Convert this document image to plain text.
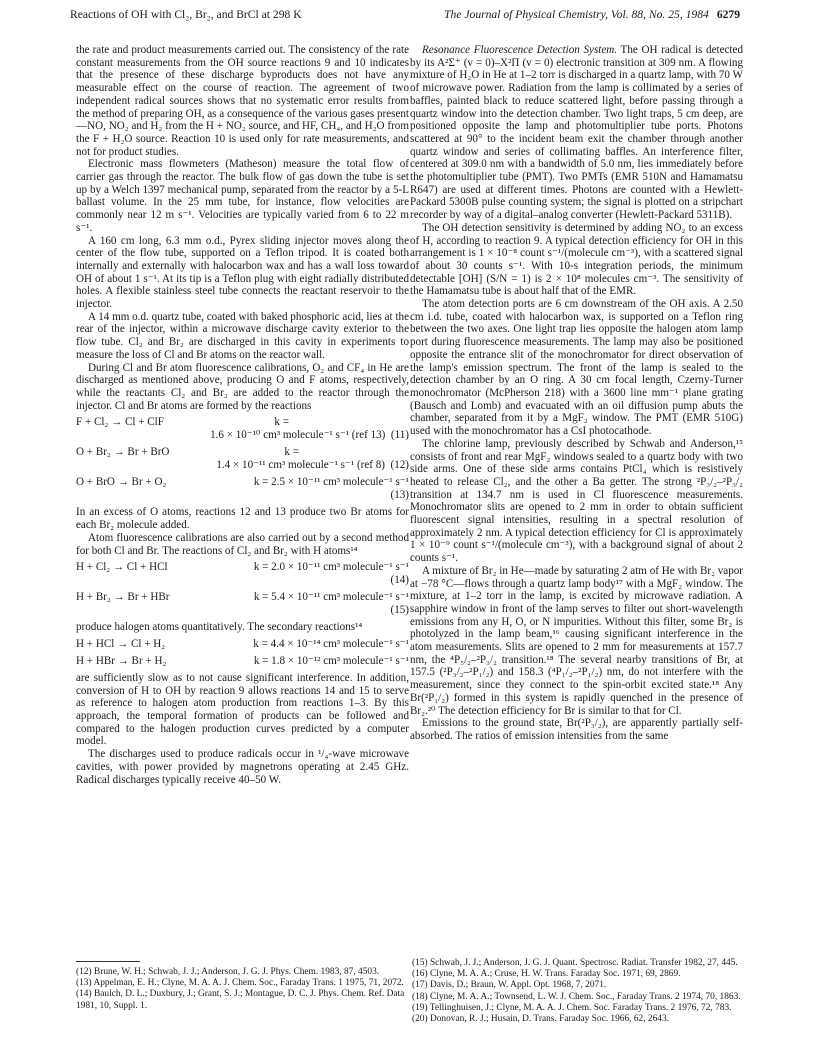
Reactions of OH with Cl₂, Br₂, and BrCl at 298 K	The Journal of Physical Chemistry, Vol. 88, No. 25, 1984 6279

the rate and product measurements carried out. The consistency of the rate constant measurements from the OH source reactions 9 and 10 indicates that the presence of these discharge byproducts does not have any measurable effect on the course of reaction. The agreement of two independent radical sources shows that no systematic error results from the method of preparing OH, as a consequence of the various gases present—NO, NO₂ and H₂ from the H + NO₂ source, and HF, CH₄, and H₂O from the F + H₂O source. Reaction 10 is used only for rate measurements, and not for product studies.

Electronic mass flowmeters (Matheson) measure the total flow of carrier gas through the reactor. The bulk flow of gas down the tube is set up by a Welch 1397 mechanical pump, separated from the reactor by a 5-L ballast volume. In the 25 mm tube, for instance, flow velocities are commonly near 12 m s⁻¹. Velocities are typically varied from 6 to 22 m s⁻¹.

A 160 cm long, 6.3 mm o.d., Pyrex sliding injector moves along the center of the flow tube, supported on a Teflon tripod. It is coated both internally and externally with halocarbon wax and has a wall loss toward OH of about 1 s⁻¹. At its tip is a Teflon plug with eight radially distributed holes. A flexible stainless steel tube connects the reactant reservoir to the injector.

A 14 mm o.d. quartz tube, coated with baked phosphoric acid, lies at the rear of the injector, within a microwave discharge cavity exterior to the flow tube. Cl₂ and Br₂ are discharged in this cavity in experiments to measure the loss of Cl and Br atoms on the reactor wall.

During Cl and Br atom fluorescence calibrations, O₂ and CF₄ in He are discharged as mentioned above, producing O and F atoms, respectively, while the reactants Cl₂ and Br₂ are added to the reactor through the injector. Cl and Br atoms are formed by the reactions

F + Cl₂ → Cl + ClF	k =
1.6 × 10⁻¹⁰ cm³ molecule⁻¹ s⁻¹ (ref 13)
(11)
O + Br₂ → Br + BrO	k =
1.4 × 10⁻¹¹ cm³ molecule⁻¹ s⁻¹ (ref 8)
(12)
O + BrO → Br + O₂	k = 2.5 × 10⁻¹¹ cm³ molecule⁻¹ s⁻¹
(13)

In an excess of O atoms, reactions 12 and 13 produce two Br atoms for each Br₂ molecule added.

Atom fluorescence calibrations are also carried out by a second method for both Cl and Br. The reactions of Cl₂ and Br₂ with H atoms¹⁴

H + Cl₂ → Cl + HCl	k = 2.0 × 10⁻¹¹ cm³ molecule⁻¹ s⁻¹
(14)
H + Br₂ → Br + HBr	k = 5.4 × 10⁻¹¹ cm³ molecule⁻¹ s⁻¹
(15)

produce halogen atoms quantitatively. The secondary reactions¹⁴

H + HCl → Cl + H₂	k = 4.4 × 10⁻¹⁴ cm³ molecule⁻¹ s⁻¹
H + HBr → Br + H₂	k = 1.8 × 10⁻¹² cm³ molecule⁻¹ s⁻¹

are sufficiently slow as to not cause significant interference. In addition, conversion of H to OH by reaction 9 allows reactions 14 and 15 to serve as reference to halogen atom production from reactions 1–3. By this approach, the temporal formation of products can be followed and compared to the halogen production curves predicted by a computer model.

The discharges used to produce radicals occur in ¹/₄-wave microwave cavities, with power provided by magnetrons operating at 2.45 GHz. Radical discharges typically receive 40–50 W.

Resonance Fluorescence Detection System. The OH radical is detected by its A²Σ⁺ (v = 0)–X²Π (v = 0) electronic transition at 309 nm. A flowing mixture of H₂O in He at 1–2 torr is discharged in a quartz lamp, with 70 W of microwave power. Radiation from the lamp is collimated by a series of baffles, painted black to reduce scattered light, before passing through a quartz window into the detection chamber. Two light traps, 5 cm deep, are positioned opposite the lamp and photomultiplier tube ports. Photons scattered at 90° to the incident beam exit the chamber through another quartz window and series of collimating baffles. An interference filter, centered at 309.0 nm with a bandwidth of 5.0 nm, lies immediately before the photomultiplier tube (PMT). Two PMTs (EMR 510N and Hamamatsu R647) are used at different times. Photons are counted with a Hewlett-Packard 5300B pulse counting system; the signal is plotted on a stripchart recorder by way of a digital–analog converter (Hewlett-Packard 5311B).

The OH detection sensitivity is determined by adding NO₂ to an excess of H, according to reaction 9. A typical detection efficiency for OH in this arrangement is 1 × 10⁻⁸ count s⁻¹/(molecule cm⁻³), with a scattered signal of about 30 counts s⁻¹. With 10-s integration periods, the minimum detectable [OH] (S/N = 1) is 2 × 10⁸ molecules cm⁻³. The sensitivity of the Hamamatsu tube is about half that of the EMR.

The atom detection ports are 6 cm downstream of the OH axis. A 2.50 cm i.d. tube, coated with halocarbon wax, is supported on a Teflon ring between the two axes. One light trap lies opposite the halogen atom lamp port during fluorescence measurements. The lamp may also be positioned opposite the entrance slit of the monochromator for direct observation of the lamp's emission spectrum. The front of the lamp is sealed to the detection chamber by an O ring. A 30 cm focal length, Czerny-Turner monochromator (McPherson 218) with a 3600 line mm⁻¹ plane grating (Bausch and Lomb) and evacuated with an oil diffusion pump abuts the chamber, separated from it by a MgF₂ window. The PMT (EMR 510G) used with the monochromator has a CsI photocathode.

The chlorine lamp, previously described by Schwab and Anderson,¹⁵ consists of front and rear MgF₂ windows sealed to a quartz body with two side arms. One of these side arms contains PtCl₄ which is resistively heated to release Cl₂, and the other a Ba getter. The strong ²P₃/₂–²P₃/₂ transition at 134.7 nm is used in Cl fluorescence measurements. Monochromator slits are opened to 2 mm in order to obtain sufficient fluorescent signal intensities, resulting in a spectral resolution of approximately 2 nm. A typical detection efficiency for Cl is approximately 1 × 10⁻⁹ count s⁻¹/(molecule cm⁻³), with a background signal of about 2 counts s⁻¹.

A mixture of Br₂ in He—made by saturating 2 atm of He with Br₂ vapor at −78 °C—flows through a quartz lamp body¹⁷ with a MgF₂ window. The mixture, at 1–2 torr in the lamp, is excited by microwave radiation. A sapphire window in front of the lamp serves to filter out short-wavelength emissions from any H, O, or N impurities. Without this filter, some Br₂ is photolyzed in the lamp beam,¹⁶ causing significant interference in the atom measurements. Slits are opened to 2 mm for measurements at 157.7 nm, the ⁴P₅/₂–²P₃/₂ transition.¹⁸ The several nearby transitions of Br, at 157.5 (²P₃/₂–²P₁/₂) and 158.3 (⁴P₁/₂–²P₁/₂) nm, do not interfere with the measurement, since they connect to the spin-orbit excited state.¹⁸ Any Br(²P₁/₂) formed in this system is rapidly quenched in the presence of Br₂.²⁰ The detection efficiency for Br is similar to that for Cl.

Emissions to the ground state, Br(²P₃/₂), are apparently partially self-absorbed. The ratios of emission intensities from the same

(12) Brune, W. H.; Schwab, J. J.; Anderson, J. G. J. Phys. Chem. 1983, 87, 4503.
(13) Appelman, E. H.; Clyne, M. A. A. J. Chem. Soc., Faraday Trans. 1 1975, 71, 2072.
(14) Baulch, D. L.; Duxbury, J.; Grant, S. J.; Montague, D. C. J. Phys. Chem. Ref. Data 1981, 10, Suppl. 1.
(15) Schwab, J. J.; Anderson, J. G. J. Quant. Spectrosc. Radiat. Transfer 1982, 27, 445.
(16) Clyne, M. A. A.; Cruse, H. W. Trans. Faraday Soc. 1971, 69, 2869.
(17) Davis, D.; Braun, W. Appl. Opt. 1968, 7, 2071.
(18) Clyne, M. A. A.; Townsend, L. W. J. Chem. Soc., Faraday Trans. 2 1974, 70, 1863.
(19) Tellinghuisen, J.; Clyne, M. A. A. J. Chem. Soc. Faraday Trans. 2 1976, 72, 783.
(20) Donovan, R. J.; Husain, D. Trans. Faraday Soc. 1966, 62, 2643.
